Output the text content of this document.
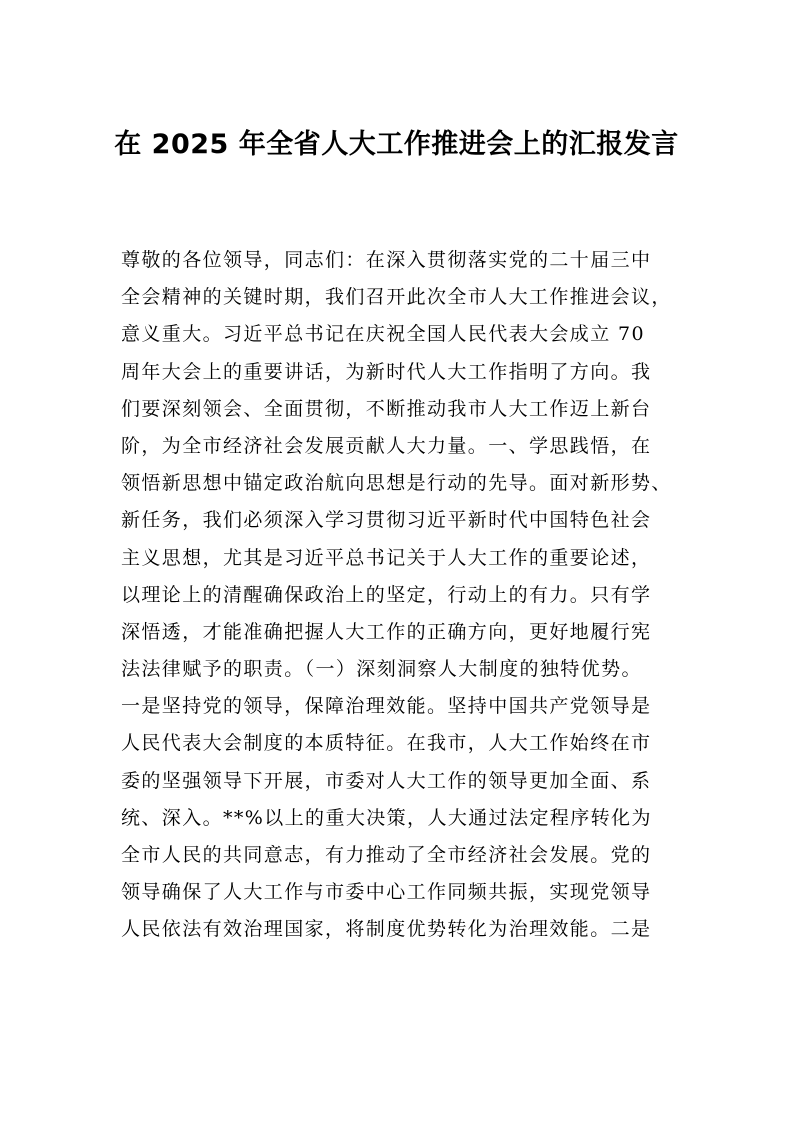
在 2025 年全省人大工作推进会上的汇报发言
尊敬的各位领导，同志们：在深入贯彻落实党的二十届三中
全会精神的关键时期，我们召开此次全市人大工作推进会议，
意义重大。习近平总书记在庆祝全国人民代表大会成立 70
周年大会上的重要讲话，为新时代人大工作指明了方向。我
们要深刻领会、全面贯彻，不断推动我市人大工作迈上新台
阶，为全市经济社会发展贡献人大力量。一、学思践悟，在
领悟新思想中锚定政治航向思想是行动的先导。面对新形势、
新任务，我们必须深入学习贯彻习近平新时代中国特色社会
主义思想，尤其是习近平总书记关于人大工作的重要论述，
以理论上的清醒确保政治上的坚定，行动上的有力。只有学
深悟透，才能准确把握人大工作的正确方向，更好地履行宪
法法律赋予的职责。（一）深刻洞察人大制度的独特优势。
一是坚持党的领导，保障治理效能。坚持中国共产党领导是
人民代表大会制度的本质特征。在我市，人大工作始终在市
委的坚强领导下开展，市委对人大工作的领导更加全面、系
统、深入。**%以上的重大决策，人大通过法定程序转化为
全市人民的共同意志，有力推动了全市经济社会发展。党的
领导确保了人大工作与市委中心工作同频共振，实现党领导
人民依法有效治理国家，将制度优势转化为治理效能。二是
